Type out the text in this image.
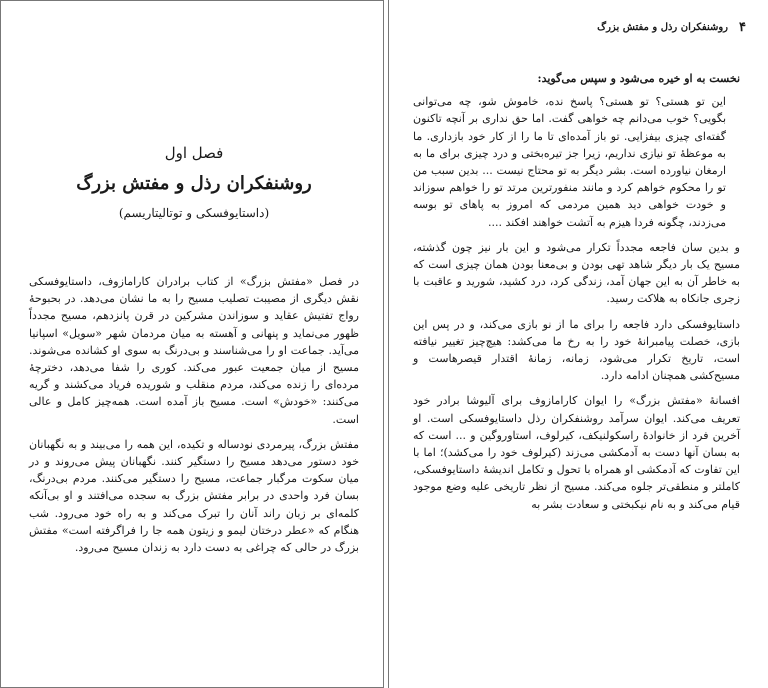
فصل اول
روشنفکران رذل و مفتش بزرگ
(داستایوفسکی و توتالیتاریسم)

در فصل «مفتش بزرگ» از کتاب برادران کارامازوف، داستایوفسکی نقش دیگری از مصیبت تصلیب مسیح را به ما نشان می‌دهد. در بحبوحهٔ رواج تفتیش عقاید و سوزاندن مشرکین در قرن پانزدهم، مسیح مجدداً ظهور می‌نماید و پنهانی و آهسته به میان مردمان شهر «سویل» اسپانیا می‌آید. جماعت او را می‌شناسند و بی‌درنگ به سوی او کشانده می‌شوند. مسیح از میان جمعیت عبور می‌کند. کوری را شفا می‌دهد، دخترچهٔ مرده‌ای را زنده می‌کند، مردم منقلب و شوریده فریاد می‌کشند و گریه می‌کنند: «خودش» است. مسیح باز آمده است. همه‌چیز کامل و عالی است.

مفتش بزرگ، پیرمردی نودساله و تکیده، این همه را می‌بیند و به نگهبانان خود دستور می‌دهد مسیح را دستگیر کنند. نگهبانان پیش می‌روند و در میان سکوت مرگبار جماعت، مسیح را دستگیر می‌کنند. مردم بی‌درنگ، بسان فرد واحدی در برابر مفتش بزرگ به سجده می‌افتند و او بی‌آنکه کلمه‌ای بر زبان راند آنان را تبرک می‌کند و به راه خود می‌رود. شب هنگام که «عطر درختان لیمو و زیتون همه جا را فراگرفته است» مفتش بزرگ در حالی که چراغی به دست دارد به زندان مسیح می‌رود.

۴
روشنفکران رذل و مفتش بزرگ

نخست به او خیره می‌شود و سپس می‌گوید:

این تو هستی؟ تو هستی؟ پاسخ نده، خاموش شو، چه می‌توانی بگویی؟ خوب می‌دانم چه خواهی گفت. اما حق نداری بر آنچه تاکنون گفته‌ای چیزی بیفزایی. تو باز آمده‌ای تا ما را از کار خود بازداری. ما به موعظهٔ تو نیازی نداریم، زیرا جز تیره‌بختی و درد چیزی برای ما به ارمغان نیاورده است. بشر دیگر به تو محتاج نیست ... بدین سبب من تو را محکوم خواهم کرد و مانند منفورترین مرتد تو را خواهم سوزاند و خودت خواهی دید همین مردمی که امروز به پاهای تو بوسه می‌زدند، چگونه فردا هیزم به آتشت خواهند افکند ....

و بدین سان فاجعه مجدداً تکرار می‌شود و این بار نیز چون گذشته، مسیح یک بار دیگر شاهد تهی بودن و بی‌معنا بودن همان چیزی است که به خاطر آن به این جهان آمد، زندگی کرد، درد کشید، شورید و عاقبت با زجری جانکاه به هلاکت رسید.

داستایوفسکی دارد فاجعه را برای ما از نو بازی می‌کند، و در پس این بازی، خصلت پیامبرانهٔ خود را به رخ ما می‌کشد: هیچ‌چیز تغییر نیافته است، تاریخ تکرار می‌شود، زمانه، زمانهٔ اقتدار قیصرهاست و مسیح‌کشی همچنان ادامه دارد.

افسانهٔ «مفتش بزرگ» را ایوان کارامازوف برای آلیوشا برادر خود تعریف می‌کند. ایوان سرآمد روشنفکران رذل داستایوفسکی است. او آخرین فرد از خانوادهٔ راسکولنیکف، کیرلوف، استاوروگین و ... است که به بسان آنها دست به آدمکشی می‌زند (کیرلوف خود را می‌کشد)؛ اما با این تفاوت که آدمکشی او همراه با تحول و تکامل اندیشهٔ داستایوفسکی، کاملتر و منطقی‌تر جلوه می‌کند. مسیح از نظر تاریخی علیه وضع موجود قیام می‌کند و به نام نیکبختی و سعادت بشر به
